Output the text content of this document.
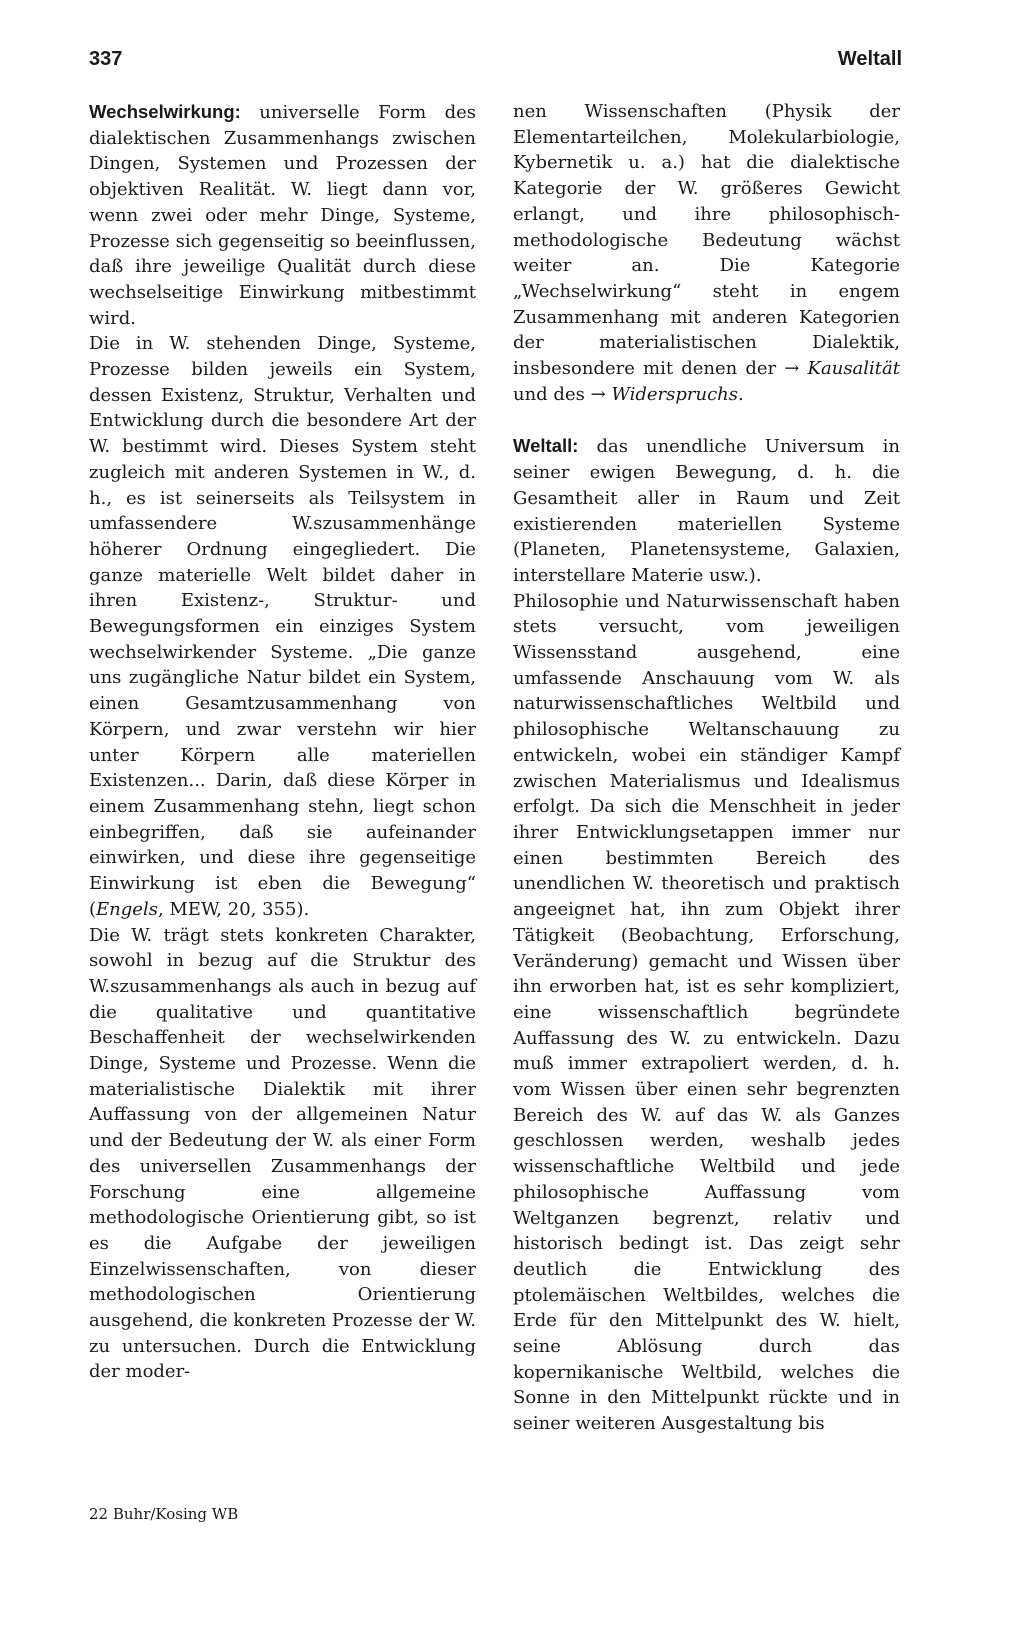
337	Weltall

Wechselwirkung: universelle Form des dialektischen Zusammenhangs zwischen Dingen, Systemen und Prozessen der objektiven Realität. W. liegt dann vor, wenn zwei oder mehr Dinge, Systeme, Prozesse sich gegenseitig so beeinflussen, daß ihre jeweilige Qualität durch diese wechselseitige Einwirkung mitbestimmt wird.

Die in W. stehenden Dinge, Systeme, Prozesse bilden jeweils ein System, dessen Existenz, Struktur, Verhalten und Entwicklung durch die besondere Art der W. bestimmt wird. Dieses System steht zugleich mit anderen Systemen in W., d. h., es ist seinerseits als Teilsystem in umfassendere W.szusammenhänge höherer Ordnung eingegliedert. Die ganze materielle Welt bildet daher in ihren Existenz-, Struktur- und Bewegungsformen ein einziges System wechselwirkender Systeme. „Die ganze uns zugängliche Natur bildet ein System, einen Gesamtzusammenhang von Körpern, und zwar verstehn wir hier unter Körpern alle materiellen Existenzen... Darin, daß diese Körper in einem Zusammenhang stehn, liegt schon einbegriffen, daß sie aufeinander einwirken, und diese ihre gegenseitige Einwirkung ist eben die Bewegung“ (Engels, MEW, 20, 355).

Die W. trägt stets konkreten Charakter, sowohl in bezug auf die Struktur des W.szusammenhangs als auch in bezug auf die qualitative und quantitative Beschaffenheit der wechselwirkenden Dinge, Systeme und Prozesse. Wenn die materialistische Dialektik mit ihrer Auffassung von der allgemeinen Natur und der Bedeutung der W. als einer Form des universellen Zusammenhangs der Forschung eine allgemeine methodologische Orientierung gibt, so ist es die Aufgabe der jeweiligen Einzelwissenschaften, von dieser methodologischen Orientierung ausgehend, die konkreten Prozesse der W. zu untersuchen. Durch die Entwicklung der moder-

nen Wissenschaften (Physik der Elementarteilchen, Molekularbiologie, Kybernetik u. a.) hat die dialektische Kategorie der W. größeres Gewicht erlangt, und ihre philosophisch-methodologische Bedeutung wächst weiter an. Die Kategorie „Wechselwirkung“ steht in engem Zusammenhang mit anderen Kategorien der materialistischen Dialektik, insbesondere mit denen der → Kausalität und des → Widerspruchs.

Weltall: das unendliche Universum in seiner ewigen Bewegung, d. h. die Gesamtheit aller in Raum und Zeit existierenden materiellen Systeme (Planeten, Planetensysteme, Galaxien, interstellare Materie usw.).

Philosophie und Naturwissenschaft haben stets versucht, vom jeweiligen Wissensstand ausgehend, eine umfassende Anschauung vom W. als naturwissenschaftliches Weltbild und philosophische Weltanschauung zu entwickeln, wobei ein ständiger Kampf zwischen Materialismus und Idealismus erfolgt. Da sich die Menschheit in jeder ihrer Entwicklungsetappen immer nur einen bestimmten Bereich des unendlichen W. theoretisch und praktisch angeeignet hat, ihn zum Objekt ihrer Tätigkeit (Beobachtung, Erforschung, Veränderung) gemacht und Wissen über ihn erworben hat, ist es sehr kompliziert, eine wissenschaftlich begründete Auffassung des W. zu entwickeln. Dazu muß immer extrapoliert werden, d. h. vom Wissen über einen sehr begrenzten Bereich des W. auf das W. als Ganzes geschlossen werden, weshalb jedes wissenschaftliche Weltbild und jede philosophische Auffassung vom Weltganzen begrenzt, relativ und historisch bedingt ist. Das zeigt sehr deutlich die Entwicklung des ptolemäischen Weltbildes, welches die Erde für den Mittelpunkt des W. hielt, seine Ablösung durch das kopernikanische Weltbild, welches die Sonne in den Mittelpunkt rückte und in seiner weiteren Ausgestaltung bis

22 Buhr/Kosing WB
